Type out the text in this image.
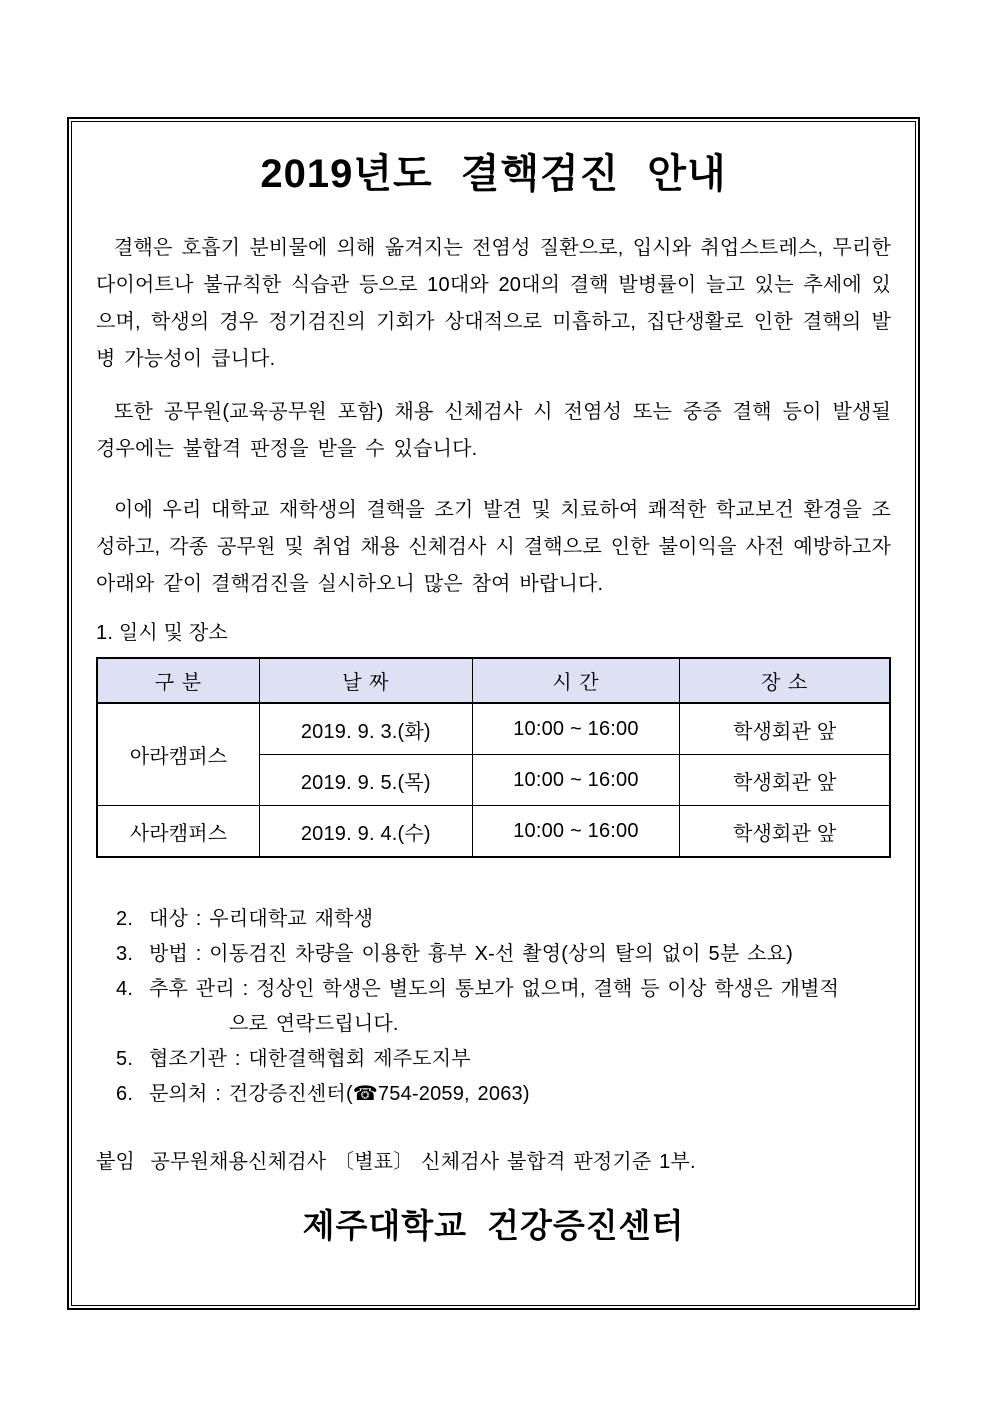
2019년도 결핵검진 안내
결핵은 호흡기 분비물에 의해 옮겨지는 전염성 질환으로, 입시와 취업스트레스, 무리한 다이어트나 불규칙한 식습관 등으로 10대와 20대의 결핵 발병률이 늘고 있는 추세에 있으며, 학생의 경우 정기검진의 기회가 상대적으로 미흡하고, 집단생활로 인한 결핵의 발병 가능성이 큽니다.
또한 공무원(교육공무원 포함) 채용 신체검사 시 전염성 또는 중증 결핵 등이 발생될 경우에는 불합격 판정을 받을 수 있습니다.
이에 우리 대학교 재학생의 결핵을 조기 발견 및 치료하여 쾌적한 학교보건 환경을 조성하고, 각종 공무원 및 취업 채용 신체검사 시 결핵으로 인한 불이익을 사전 예방하고자 아래와 같이 결핵검진을 실시하오니 많은 참여 바랍니다.
1. 일시 및 장소
구 분	날 짜	시 간	장 소
아라캠퍼스	2019. 9. 3.(화)	10:00 ~ 16:00	학생회관 앞
	2019. 9. 5.(목)	10:00 ~ 16:00	학생회관 앞
사라캠퍼스	2019. 9. 4.(수)	10:00 ~ 16:00	학생회관 앞
2. 대상 : 우리대학교 재학생
3. 방법 : 이동검진 차량을 이용한 흉부 X-선 촬영(상의 탈의 없이 5분 소요)
4. 추후 관리 : 정상인 학생은 별도의 통보가 없으며, 결핵 등 이상 학생은 개별적
으로 연락드립니다.
5. 협조기관 : 대한결핵협회 제주도지부
6. 문의처 : 건강증진센터(☎754-2059, 2063)
붙임  공무원채용신체검사 〔별표〕 신체검사 불합격 판정기준 1부.
제주대학교 건강증진센터
